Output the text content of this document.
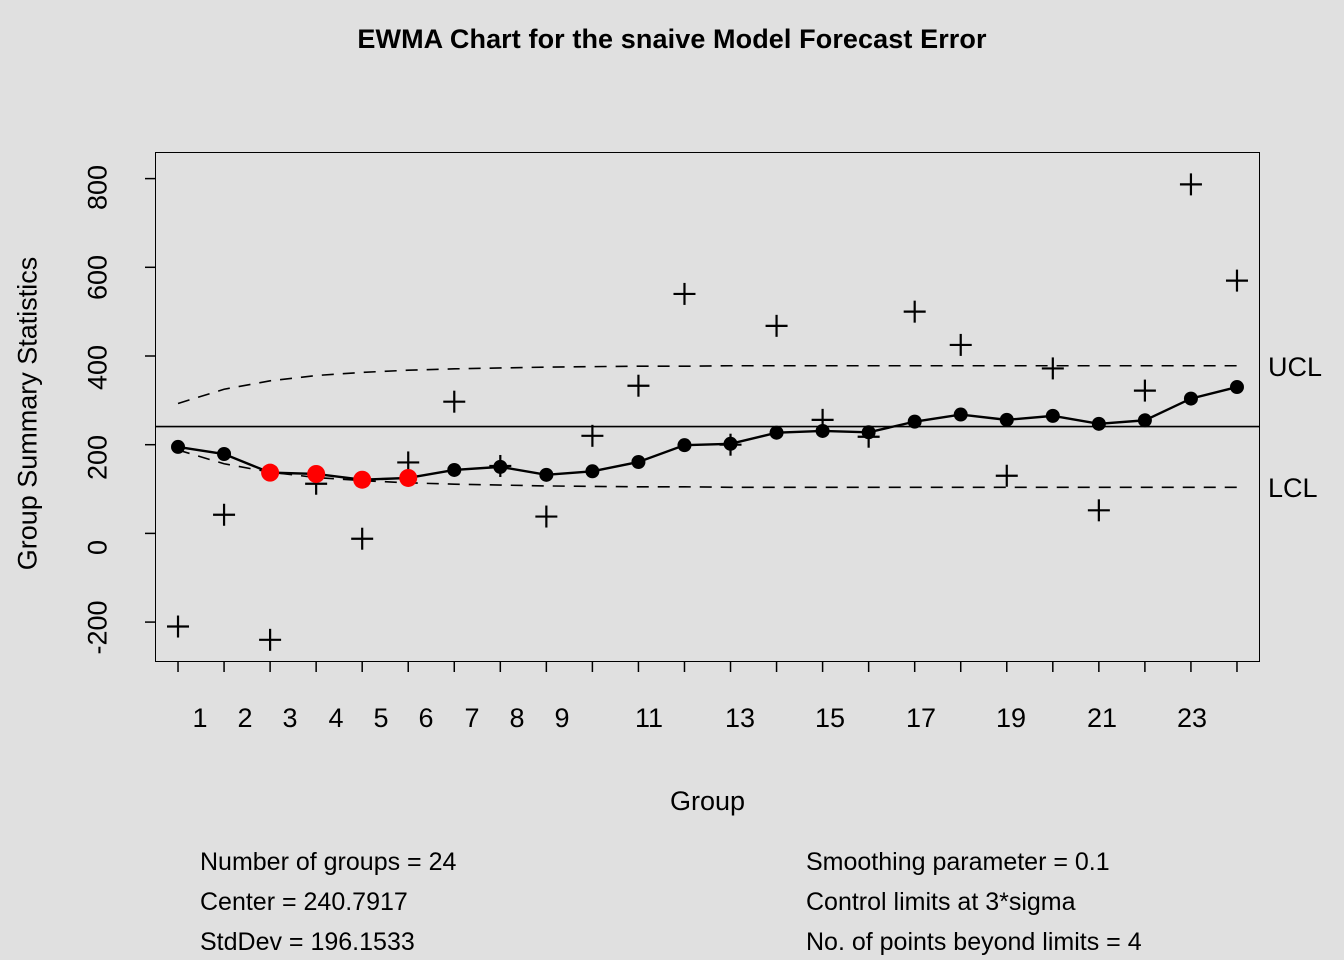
EWMA Chart for the snaive Model Forecast Error
Group Summary Statistics
Group
-200
0
200
400
600
800
1	2	3	4	5	6	7	8	9	11	13	15	17	19	21	23
UCL
LCL
Number of groups = 24
Center = 240.7917
StdDev = 196.1533
Smoothing parameter = 0.1
Control limits at 3*sigma
No. of points beyond limits = 4
